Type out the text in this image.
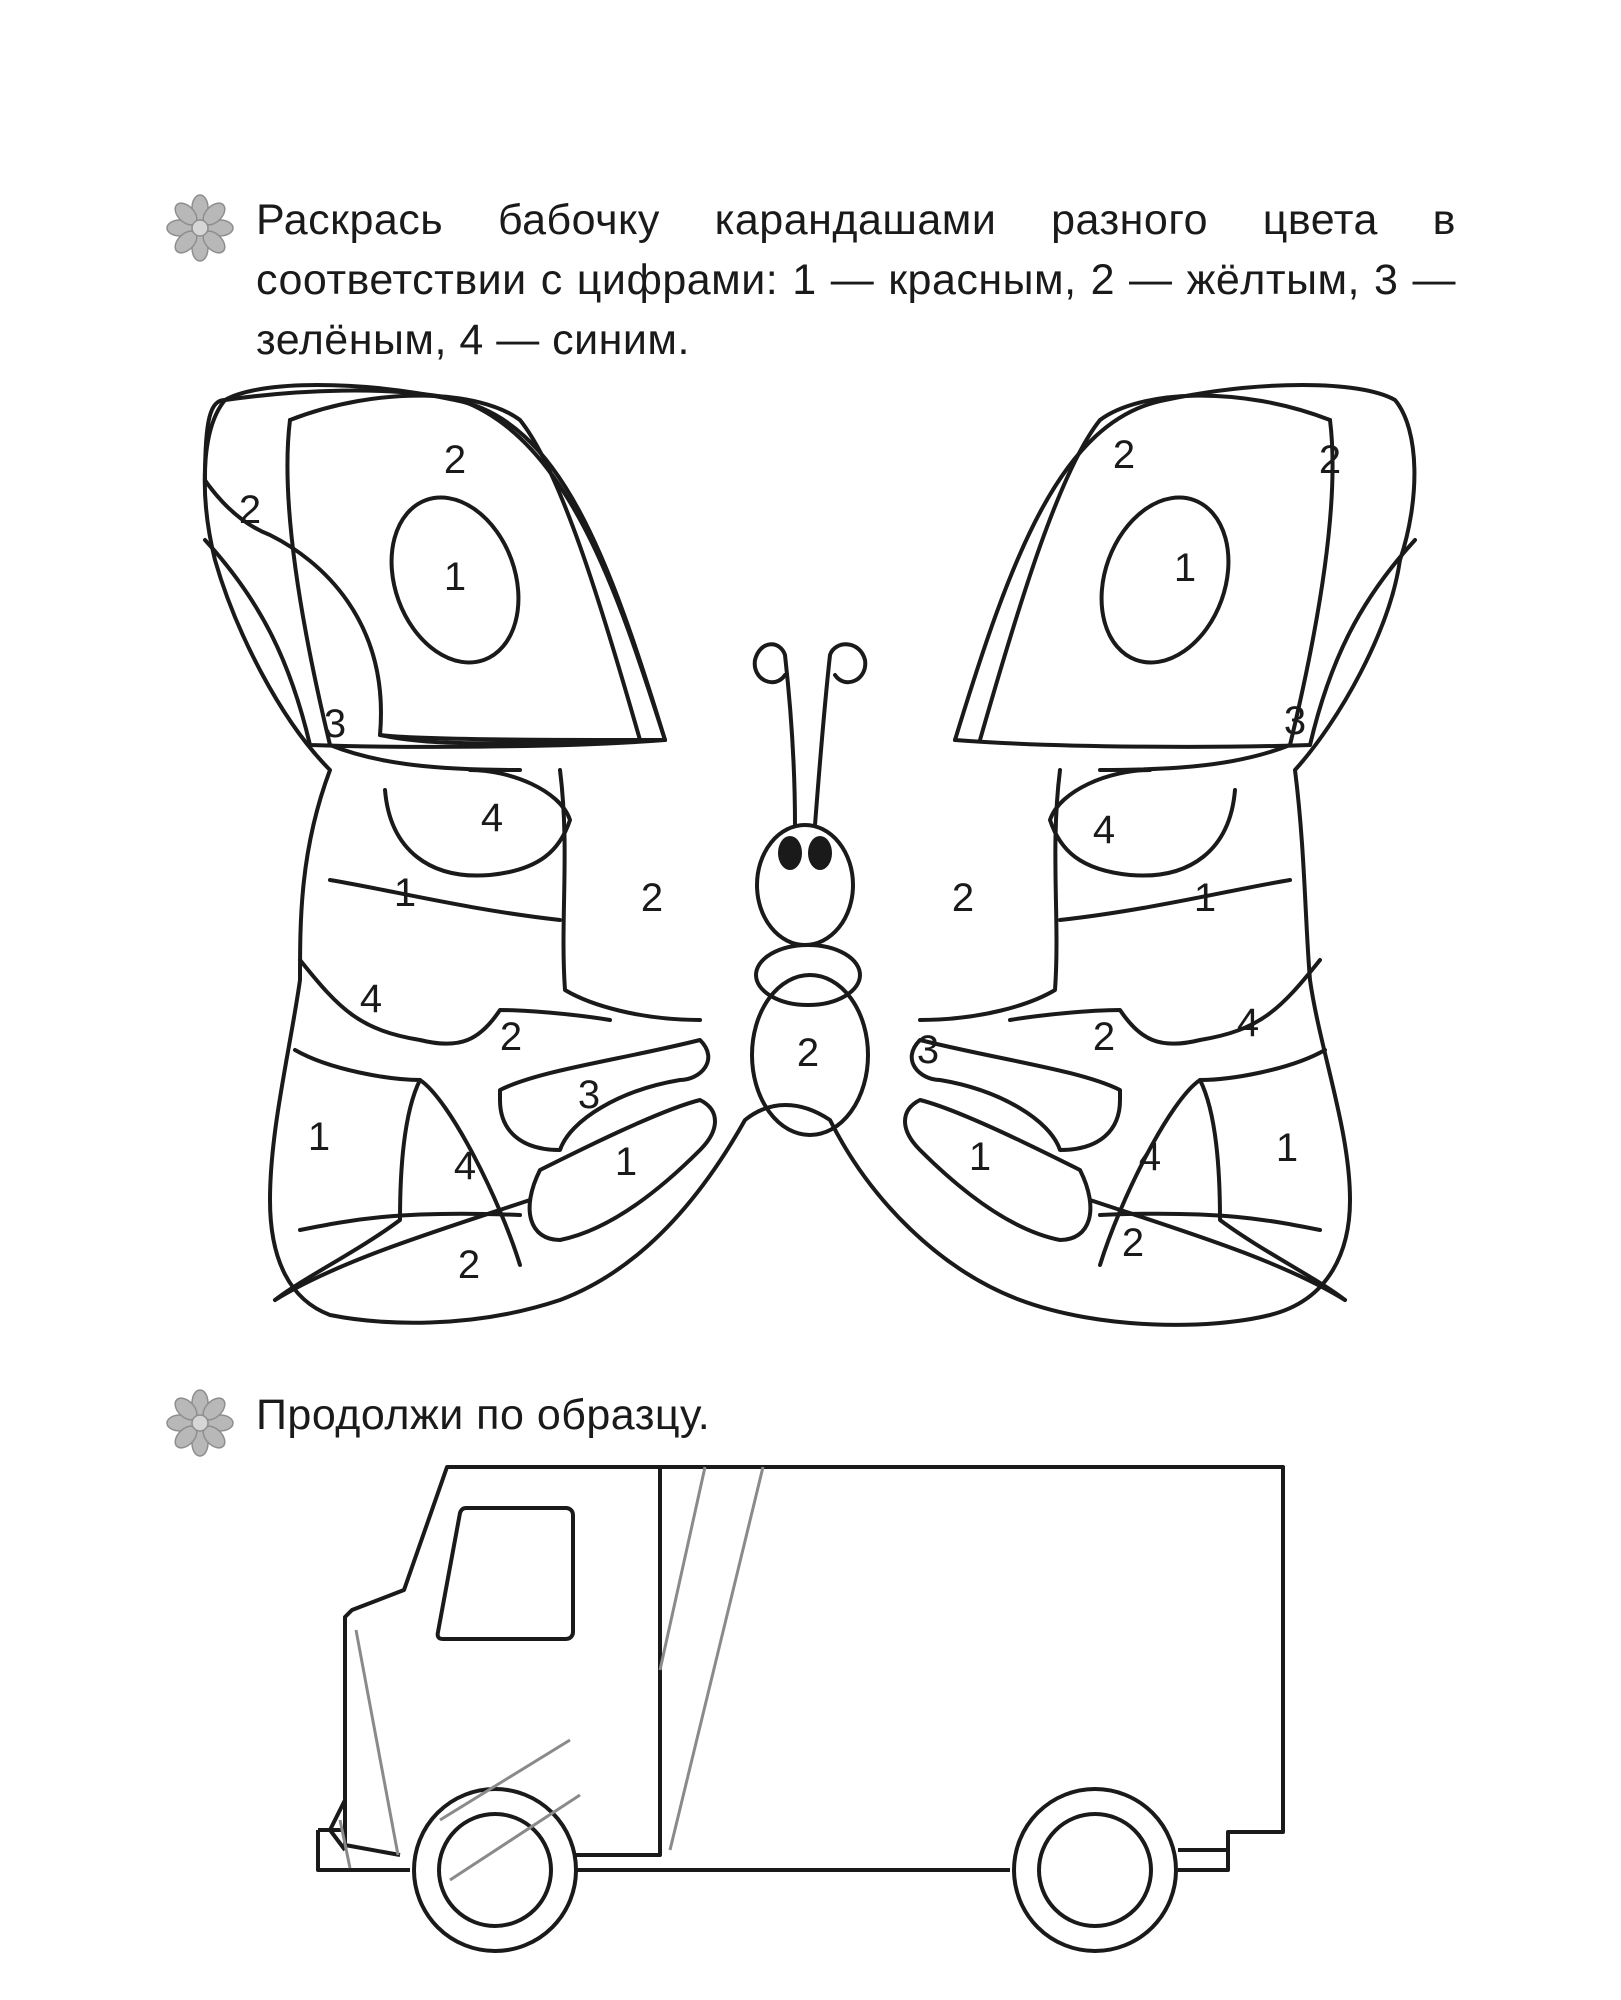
Раскрась бабочку карандашами разного цвета в соответствии с цифрами: 1 — красным, 2 — жёлтым, 3 — зелёным, 4 — синим.
Продолжи по образцу.
2
2
1
3
4
1	2
4
2
1
4
3
1
2
2	2
1
3
4
1
2
4
2
3
1	4	1
2
2
